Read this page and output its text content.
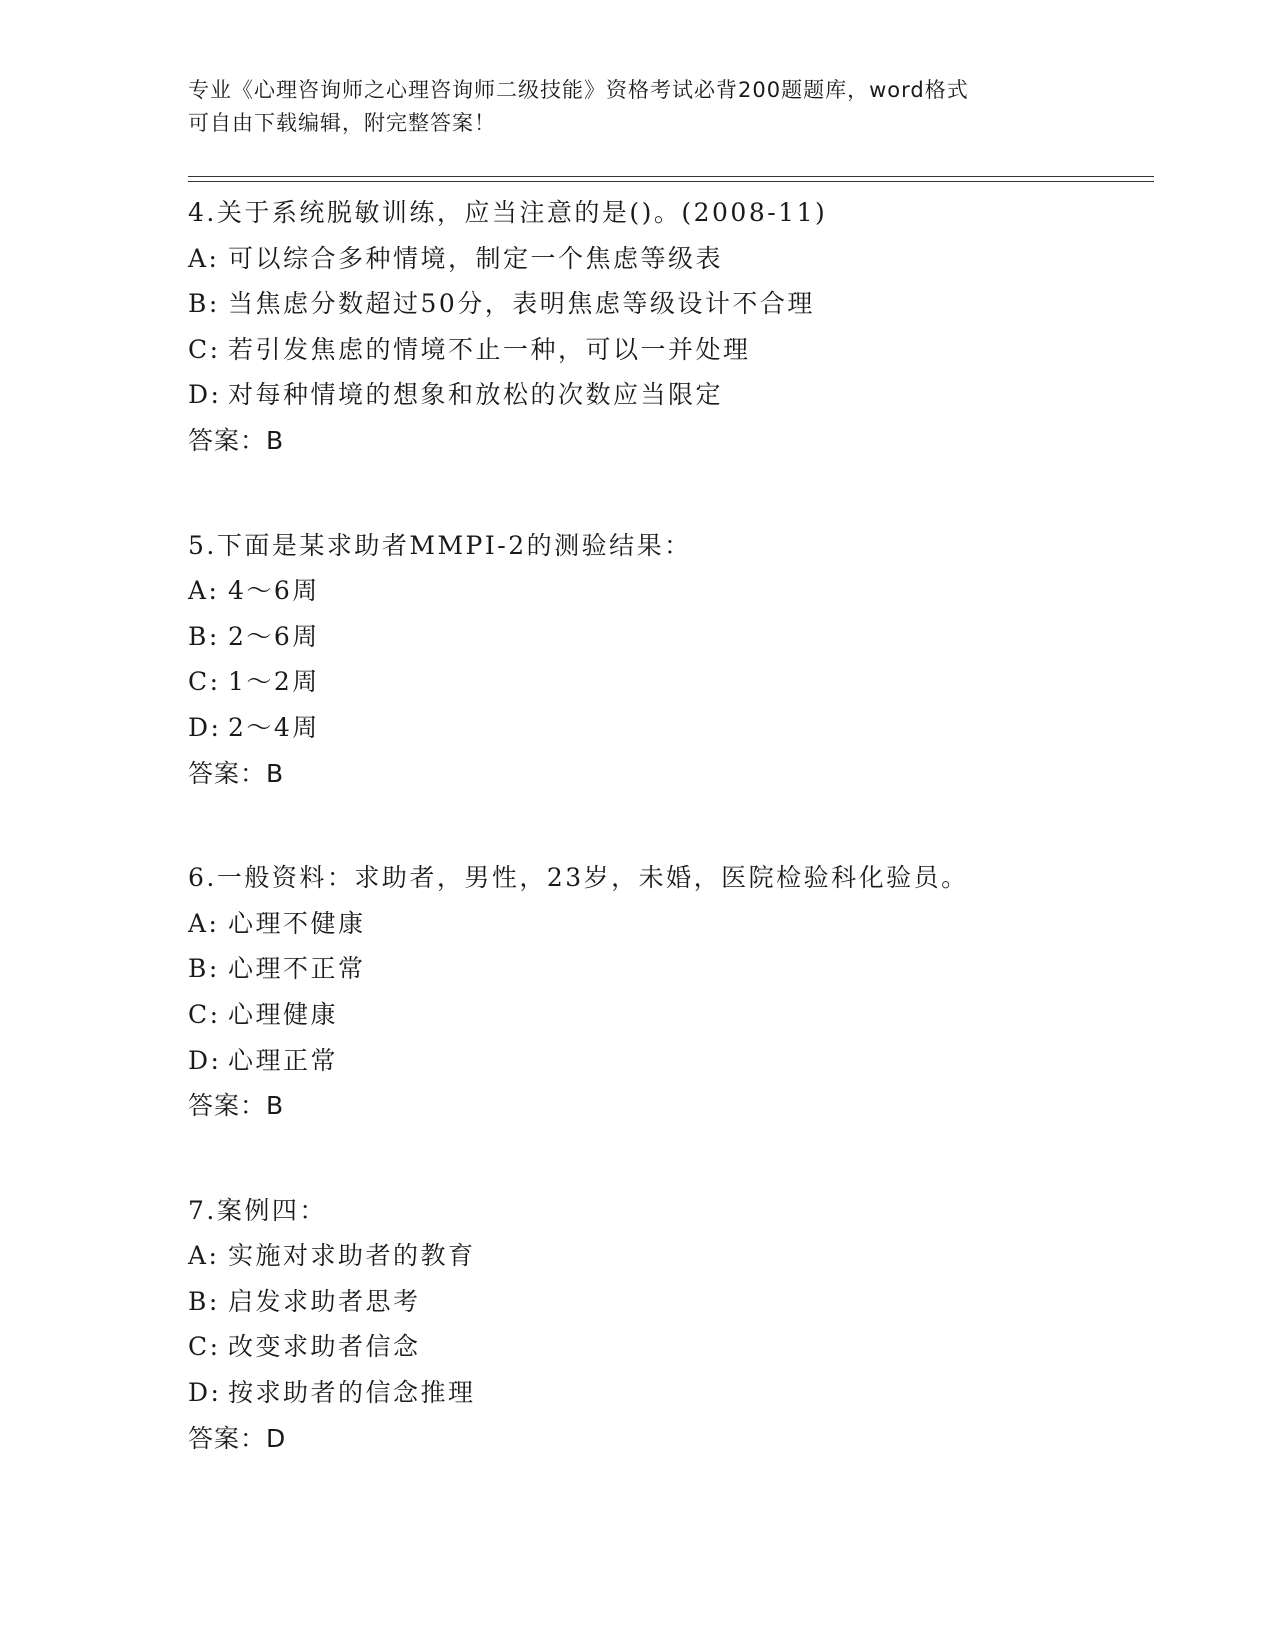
专业《心理咨询师之心理咨询师二级技能》资格考试必背200题题库，word格式
可自由下载编辑，附完整答案！
4.关于系统脱敏训练，应当注意的是()。(2008-11)
A: 可以综合多种情境，制定一个焦虑等级表
B: 当焦虑分数超过50分，表明焦虑等级设计不合理
C: 若引发焦虑的情境不止一种，可以一并处理
D: 对每种情境的想象和放松的次数应当限定
答案：B
5.下面是某求助者MMPI-2的测验结果：
A: 4～6周
B: 2～6周
C: 1～2周
D: 2～4周
答案：B
6.一般资料：求助者，男性，23岁，未婚，医院检验科化验员。
A: 心理不健康
B: 心理不正常
C: 心理健康
D: 心理正常
答案：B
7.案例四：
A: 实施对求助者的教育
B: 启发求助者思考
C: 改变求助者信念
D: 按求助者的信念推理
答案：D
